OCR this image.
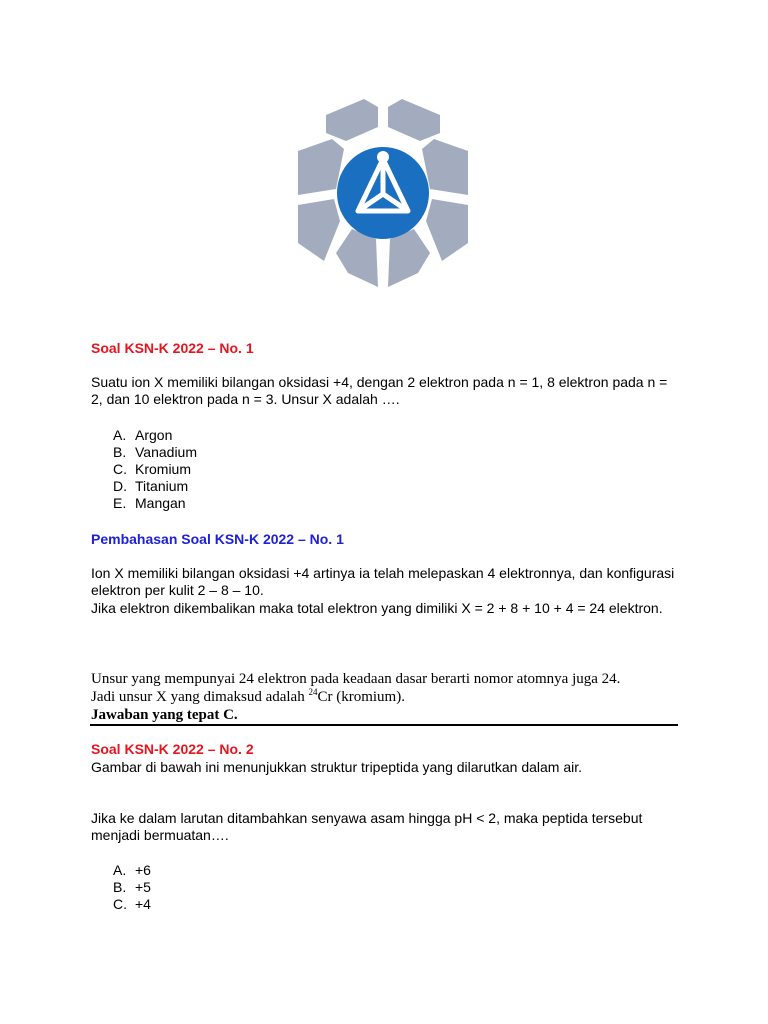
Soal KSN-K 2022 – No. 1
Suatu ion X memiliki bilangan oksidasi +4, dengan 2 elektron pada n = 1, 8 elektron pada n = 2, dan 10 elektron pada n = 3. Unsur X adalah ….
A. Argon
B. Vanadium
C. Kromium
D. Titanium
E. Mangan
Pembahasan Soal KSN-K 2022 – No. 1
Ion X memiliki bilangan oksidasi +4 artinya ia telah melepaskan 4 elektronnya, dan konfigurasi elektron per kulit 2 – 8 – 10.
Jika elektron dikembalikan maka total elektron yang dimiliki X = 2 + 8 + 10 + 4 = 24 elektron.
Unsur yang mempunyai 24 elektron pada keadaan dasar berarti nomor atomnya juga 24.
Jadi unsur X yang dimaksud adalah $^{24}$Cr (kromium).
Jawaban yang tepat C.
Soal KSN-K 2022 – No. 2
Gambar di bawah ini menunjukkan struktur tripeptida yang dilarutkan dalam air.
Jika ke dalam larutan ditambahkan senyawa asam hingga pH < 2, maka peptida tersebut menjadi bermuatan….
A. +6
B. +5
C. +4
